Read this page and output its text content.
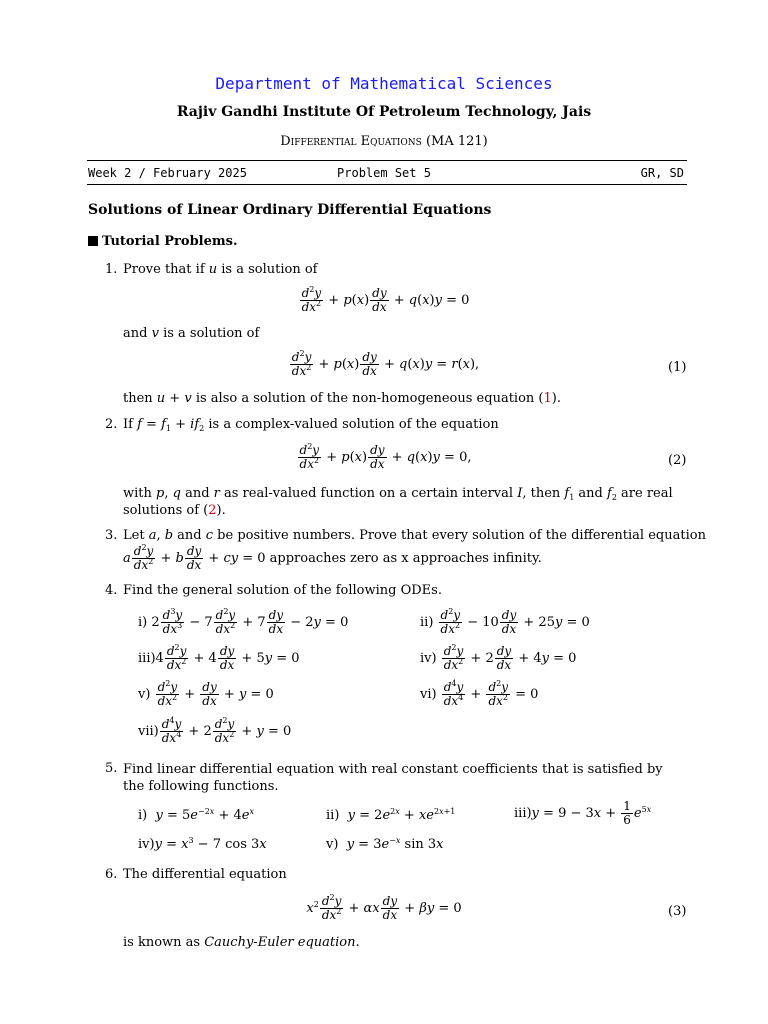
Department of Mathematical Sciences
Rajiv Gandhi Institute Of Petroleum Technology, Jais
Differential Equations (MA 121)
Week 2 / February 2025	Problem Set 5	GR, SD
Solutions of Linear Ordinary Differential Equations
Tutorial Problems.
1. Prove that if u is a solution of
$\frac{d^2y}{dx^2} + p(x) \frac{dy}{dx} + q(x)y = 0$
and v is a solution of
$\frac{d^2y}{dx^2} + p(x) \frac{dy}{dx} + q(x)y = r(x)$,	(1)
then u + v is also a solution of the non-homogeneous equation (1).
2. If $f = f_1 + if_2$ is a complex-valued solution of the equation
$\frac{d^2y}{dx^2} + p(x) \frac{dy}{dx} + q(x)y = 0$,	(2)
with p, q and r as real-valued function on a certain interval I, then $f_1$ and $f_2$ are real solutions of (2).
3. Let a, b and c be positive numbers. Prove that every solution of the differential equation
a $\frac{d^2y}{dx^2} + b \frac{dy}{dx}$ + cy = 0 approaches zero as x approaches infinity.
4. Find the general solution of the following ODEs.
i) $2 \frac{d^3y}{dx^3} - 7 \frac{d^2y}{dx^2} + 7 \frac{dy}{dx} - 2y = 0$	$ii) \frac{d^2y}{dx^2} - 10 \frac{dy}{dx} + 25y = 0$
$iii)4 \frac{d^2y}{dx^2} + 4 \frac{dy}{dx} + 5y = 0$	$iv) \frac{d^2y}{dx^2} + 2 \frac{dy}{dx} + 4y = 0$
$v) \frac{d^2y}{dx^2} + \frac{dy}{dx} + y = 0$	$vi) \frac{d^4y}{dx^4} + \frac{d^2y}{dx^2} = 0$
$vii) \frac{d^4y}{dx^4} + 2 \frac{d^2y}{dx^2} + y = 0$
5. Find linear differential equation with real constant coefficients that is satisfied by the following functions.
i) $y = 5e^{-2x} + 4e^x$	ii) $y = 2e^{2x} + xe^{2x+1}$	$iii)y = 9 - 3x + \frac{1}{6} e^{5x}$
$iv)y = x^3 - 7$ cos 3x	v) $y = 3e^{-x}$ sin 3x
6. The differential equation
$x^2 \frac{d^2y}{dx^2} + \alpha x \frac{dy}{dx} + \beta y = 0$	(3)
is known as Cauchy-Euler equation.
